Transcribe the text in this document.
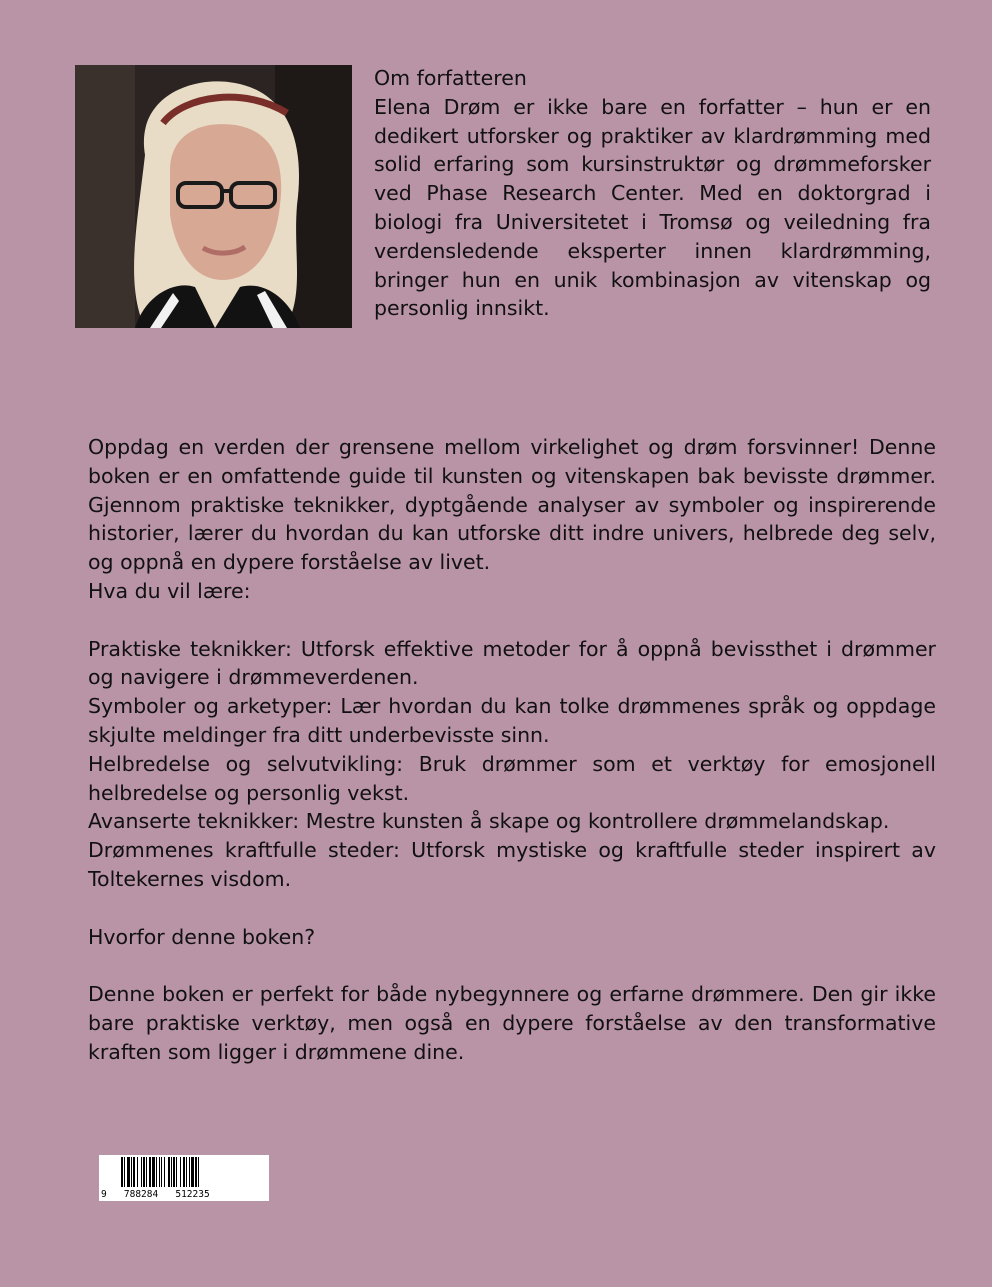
Om forfatteren

Elena Drøm er ikke bare en forfatter – hun er en dedikert utforsker og praktiker av klardrømming med solid erfaring som kursinstruktør og drømmeforsker ved Phase Research Center. Med en doktorgrad i biologi fra Universitetet i Tromsø og veiledning fra verdensledende eksperter innen klardrømming, bringer hun en unik kombinasjon av vitenskap og personlig innsikt.

Oppdag en verden der grensene mellom virkelighet og drøm forsvinner! Denne boken er en omfattende guide til kunsten og vitenskapen bak bevisste drømmer. Gjennom praktiske teknikker, dyptgående analyser av symboler og inspirerende historier, lærer du hvordan du kan utforske ditt indre univers, helbrede deg selv, og oppnå en dypere forståelse av livet.

Hva du vil lære:

Praktiske teknikker: Utforsk effektive metoder for å oppnå bevissthet i drømmer og navigere i drømmeverdenen.

Symboler og arketyper: Lær hvordan du kan tolke drømmenes språk og oppdage skjulte meldinger fra ditt underbevisste sinn.

Helbredelse og selvutvikling: Bruk drømmer som et verktøy for emosjonell helbredelse og personlig vekst.

Avanserte teknikker: Mestre kunsten å skape og kontrollere drømmelandskap.

Drømmenes kraftfulle steder: Utforsk mystiske og kraftfulle steder inspirert av Toltekernes visdom.

Hvorfor denne boken?

Denne boken er perfekt for både nybegynnere og erfarne drømmere. Den gir ikke bare praktiske verktøy, men også en dypere forståelse av den transformative kraften som ligger i drømmene dine.

9   788284   512235
